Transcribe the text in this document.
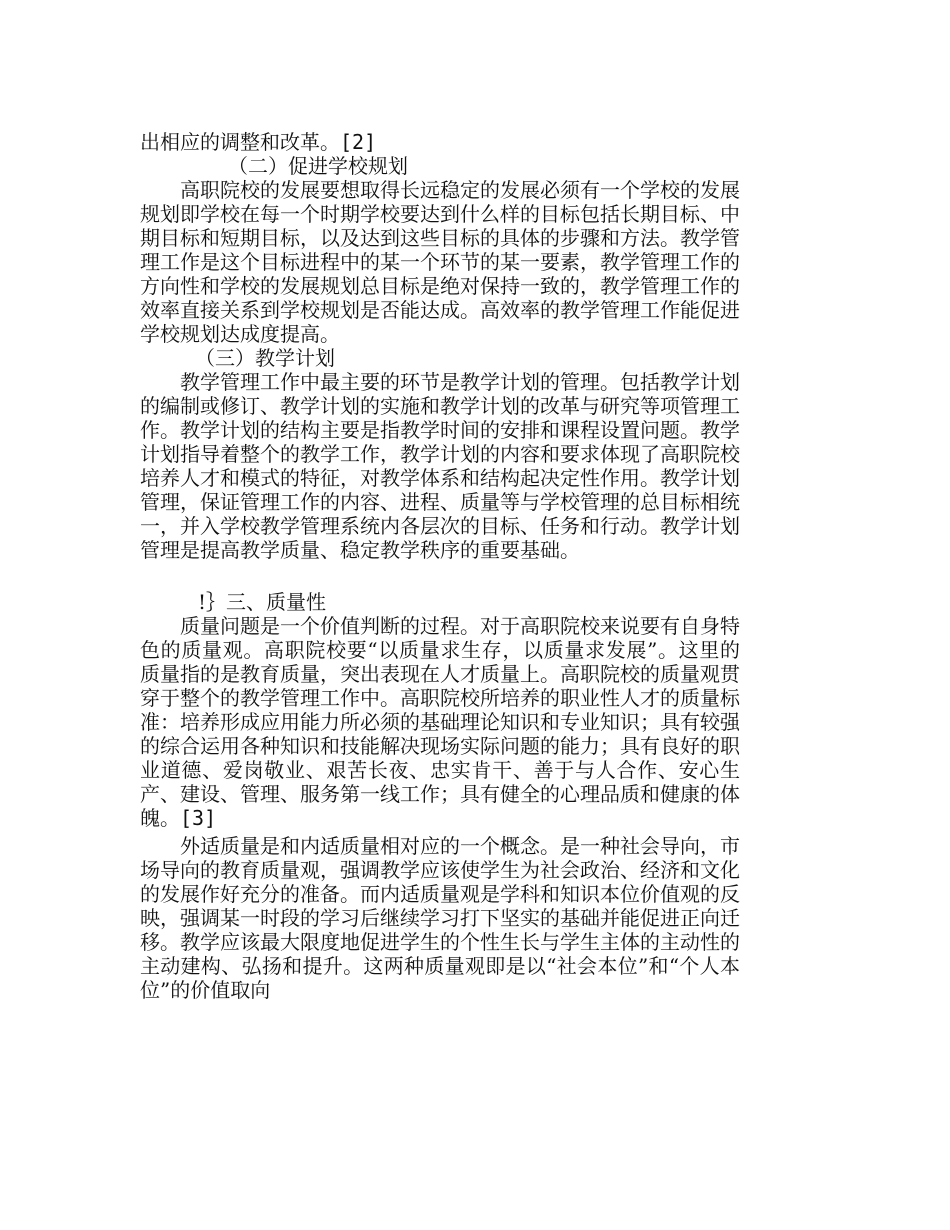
出相应的调整和改革。[2]

（二）促进学校规划

高职院校的发展要想取得长远稳定的发展必须有一个学校的发展规划即学校在每一个时期学校要达到什么样的目标包括长期目标、中期目标和短期目标，以及达到这些目标的具体的步骤和方法。教学管理工作是这个目标进程中的某一个环节的某一要素，教学管理工作的方向性和学校的发展规划总目标是绝对保持一致的，教学管理工作的效率直接关系到学校规划是否能达成。高效率的教学管理工作能促进学校规划达成度提高。

（三）教学计划

教学管理工作中最主要的环节是教学计划的管理。包括教学计划的编制或修订、教学计划的实施和教学计划的改革与研究等项管理工作。教学计划的结构主要是指教学时间的安排和课程设置问题。教学计划指导着整个的教学工作，教学计划的内容和要求体现了高职院校培养人才和模式的特征，对教学体系和结构起决定性作用。教学计划管理，保证管理工作的内容、进程、质量等与学校管理的总目标相统一，并入学校教学管理系统内各层次的目标、任务和行动。教学计划管理是提高教学质量、稳定教学秩序的重要基础。

!｝三、质量性

质量问题是一个价值判断的过程。对于高职院校来说要有自身特色的质量观。高职院校要“以质量求生存，以质量求发展”。这里的质量指的是教育质量，突出表现在人才质量上。高职院校的质量观贯穿于整个的教学管理工作中。高职院校所培养的职业性人才的质量标准：培养形成应用能力所必须的基础理论知识和专业知识；具有较强的综合运用各种知识和技能解决现场实际问题的能力；具有良好的职业道德、爱岗敬业、艰苦长夜、忠实肯干、善于与人合作、安心生产、建设、管理、服务第一线工作；具有健全的心理品质和健康的体魄。[3]

外适质量是和内适质量相对应的一个概念。是一种社会导向，市场导向的教育质量观，强调教学应该使学生为社会政治、经济和文化的发展作好充分的准备。而内适质量观是学科和知识本位价值观的反映，强调某一时段的学习后继续学习打下坚实的基础并能促进正向迁移。教学应该最大限度地促进学生的个性生长与学生主体的主动性的主动建构、弘扬和提升。这两种质量观即是以“社会本位”和“个人本位”的价值取向
